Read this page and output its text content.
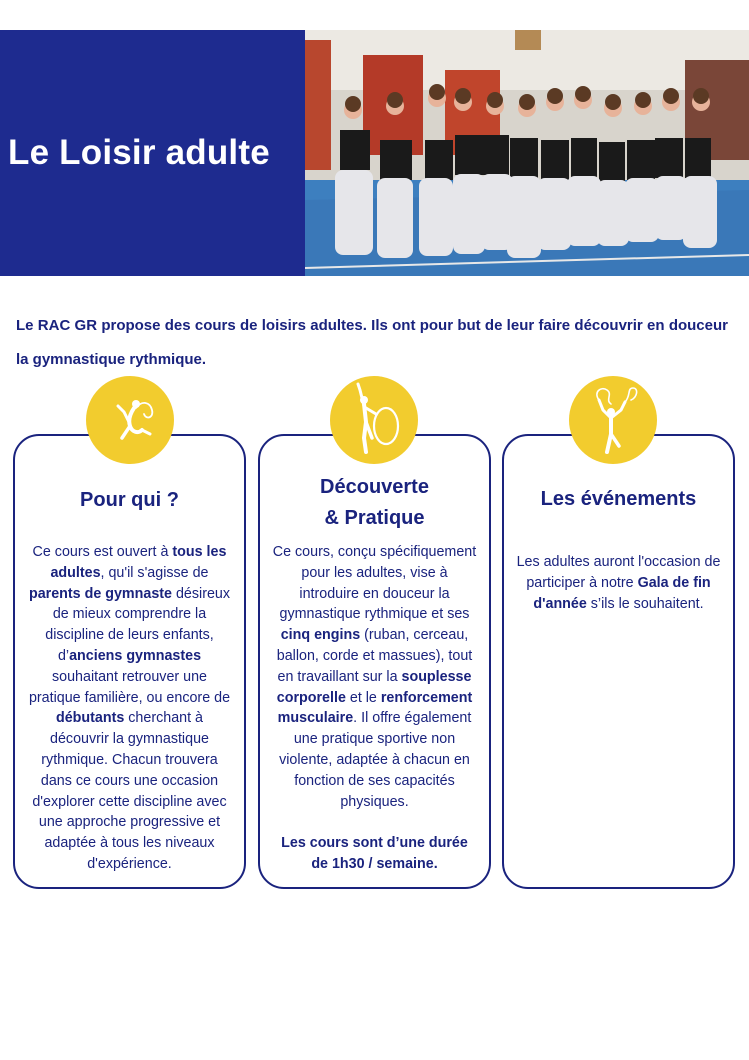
Le Loisir adulte

Le RAC GR propose des cours de loisirs adultes. Ils ont pour but de leur faire découvrir en douceur la gymnastique rythmique.

Pour qui ?

Ce cours est ouvert à tous les adultes, qu'il s'agisse de parents de gymnaste désireux de mieux comprendre la discipline de leurs enfants, d’anciens gymnastes souhaitant retrouver une pratique familière, ou encore de débutants cherchant à découvrir la gymnastique rythmique. Chacun trouvera dans ce cours une occasion d'explorer cette discipline avec une approche progressive et adaptée à tous les niveaux d'expérience.

Découverte
& Pratique

Ce cours, conçu spécifiquement pour les adultes, vise à introduire en douceur la gymnastique rythmique et ses cinq engins (ruban, cerceau, ballon, corde et massues), tout en travaillant sur la souplesse corporelle et le renforcement musculaire. Il offre également une pratique sportive non violente, adaptée à chacun en fonction de ses capacités physiques.

Les cours sont d’une durée de 1h30 / semaine.

Les événements

Les adultes auront l'occasion de participer à notre Gala de fin d'année s’ils le souhaitent.
